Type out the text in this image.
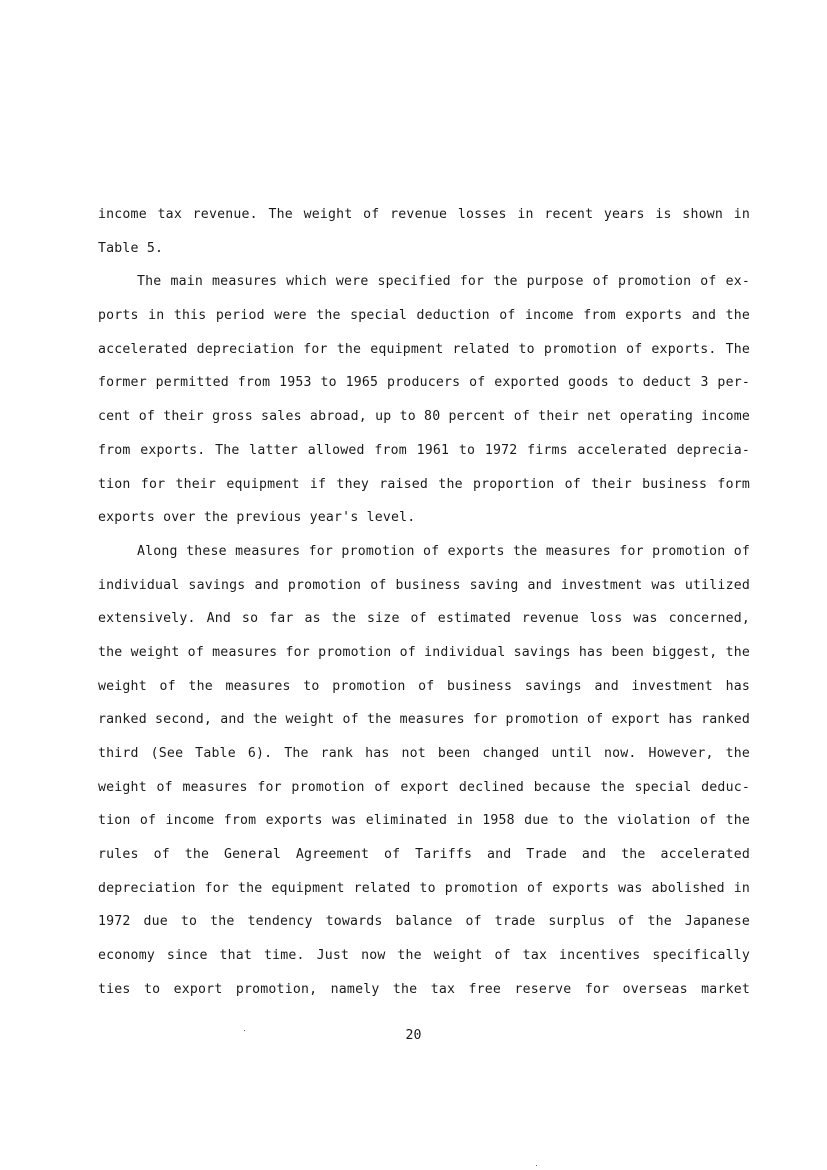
income tax revenue. The weight of revenue losses in recent years is shown in
Table 5.
The main measures which were specified for the purpose of promotion of ex-
ports in this period were the special deduction of income from exports and the
accelerated depreciation for the equipment related to promotion of exports. The
former permitted from 1953 to 1965 producers of exported goods to deduct 3 per-
cent of their gross sales abroad, up to 80 percent of their net operating income
from exports. The latter allowed from 1961 to 1972 firms accelerated deprecia-
tion for their equipment if they raised the proportion of their business form
exports over the previous year's level.
Along these measures for promotion of exports the measures for promotion of
individual savings and promotion of business saving and investment was utilized
extensively. And so far as the size of estimated revenue loss was concerned,
the weight of measures for promotion of individual savings has been biggest, the
weight of the measures to promotion of business savings and investment has
ranked second, and the weight of the measures for promotion of export has ranked
third (See Table 6). The rank has not been changed until now. However, the
weight of measures for promotion of export declined because the special deduc-
tion of income from exports was eliminated in 1958 due to the violation of the
rules of the General Agreement of Tariffs and Trade and the accelerated
depreciation for the equipment related to promotion of exports was abolished in
1972 due to the tendency towards balance of trade surplus of the Japanese
economy since that time. Just now the weight of tax incentives specifically
ties to export promotion, namely the tax free reserve for overseas market
20
